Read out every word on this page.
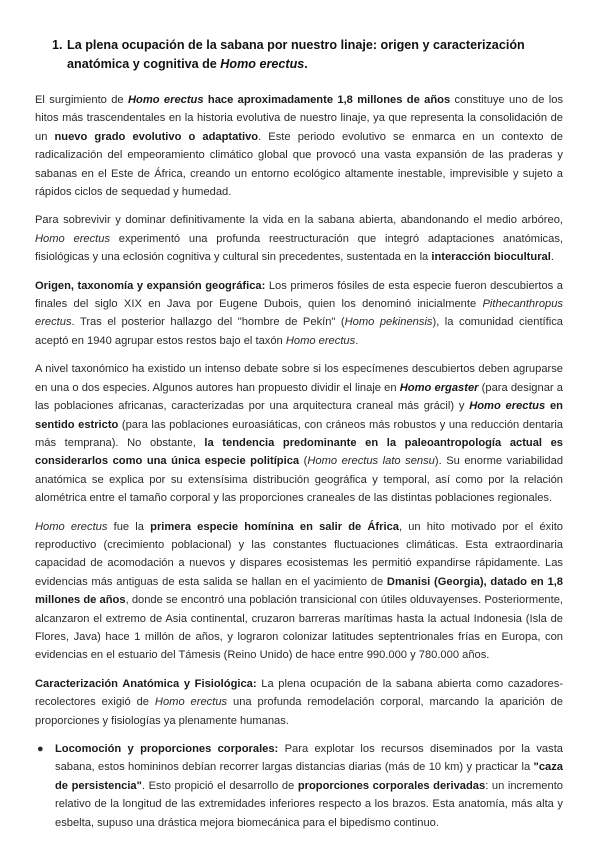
1. La plena ocupación de la sabana por nuestro linaje: origen y caracterización anatómica y cognitiva de Homo erectus.

El surgimiento de Homo erectus hace aproximadamente 1,8 millones de años constituye uno de los hitos más trascendentales en la historia evolutiva de nuestro linaje, ya que representa la consolidación de un nuevo grado evolutivo o adaptativo. Este periodo evolutivo se enmarca en un contexto de radicalización del empeoramiento climático global que provocó una vasta expansión de las praderas y sabanas en el Este de África, creando un entorno ecológico altamente inestable, imprevisible y sujeto a rápidos ciclos de sequedad y humedad.

Para sobrevivir y dominar definitivamente la vida en la sabana abierta, abandonando el medio arbóreo, Homo erectus experimentó una profunda reestructuración que integró adaptaciones anatómicas, fisiológicas y una eclosión cognitiva y cultural sin precedentes, sustentada en la interacción biocultural.

Origen, taxonomía y expansión geográfica: Los primeros fósiles de esta especie fueron descubiertos a finales del siglo XIX en Java por Eugene Dubois, quien los denominó inicialmente Pithecanthropus erectus. Tras el posterior hallazgo del "hombre de Pekín" (Homo pekinensis), la comunidad científica aceptó en 1940 agrupar estos restos bajo el taxón Homo erectus.

A nivel taxonómico ha existido un intenso debate sobre si los especímenes descubiertos deben agruparse en una o dos especies. Algunos autores han propuesto dividir el linaje en Homo ergaster (para designar a las poblaciones africanas, caracterizadas por una arquitectura craneal más grácil) y Homo erectus en sentido estricto (para las poblaciones euroasiáticas, con cráneos más robustos y una reducción dentaria más temprana). No obstante, la tendencia predominante en la paleoantropología actual es considerarlos como una única especie politípica (Homo erectus lato sensu). Su enorme variabilidad anatómica se explica por su extensísima distribución geográfica y temporal, así como por la relación alométrica entre el tamaño corporal y las proporciones craneales de las distintas poblaciones regionales.

Homo erectus fue la primera especie homínina en salir de África, un hito motivado por el éxito reproductivo (crecimiento poblacional) y las constantes fluctuaciones climáticas. Esta extraordinaria capacidad de acomodación a nuevos y dispares ecosistemas les permitió expandirse rápidamente. Las evidencias más antiguas de esta salida se hallan en el yacimiento de Dmanisi (Georgia), datado en 1,8 millones de años, donde se encontró una población transicional con útiles olduvayenses. Posteriormente, alcanzaron el extremo de Asia continental, cruzaron barreras marítimas hasta la actual Indonesia (Isla de Flores, Java) hace 1 millón de años, y lograron colonizar latitudes septentrionales frías en Europa, con evidencias en el estuario del Támesis (Reino Unido) de hace entre 990.000 y 780.000 años.

Caracterización Anatómica y Fisiológica: La plena ocupación de la sabana abierta como cazadores-recolectores exigió de Homo erectus una profunda remodelación corporal, marcando la aparición de proporciones y fisiologías ya plenamente humanas.

●	Locomoción y proporciones corporales: Para explotar los recursos diseminados por la vasta sabana, estos homininos debían recorrer largas distancias diarias (más de 10 km) y practicar la "caza de persistencia". Esto propició el desarrollo de proporciones corporales derivadas: un incremento relativo de la longitud de las extremidades inferiores respecto a los brazos. Esta anatomía, más alta y esbelta, supuso una drástica mejora biomecánica para el bipedismo continuo.
